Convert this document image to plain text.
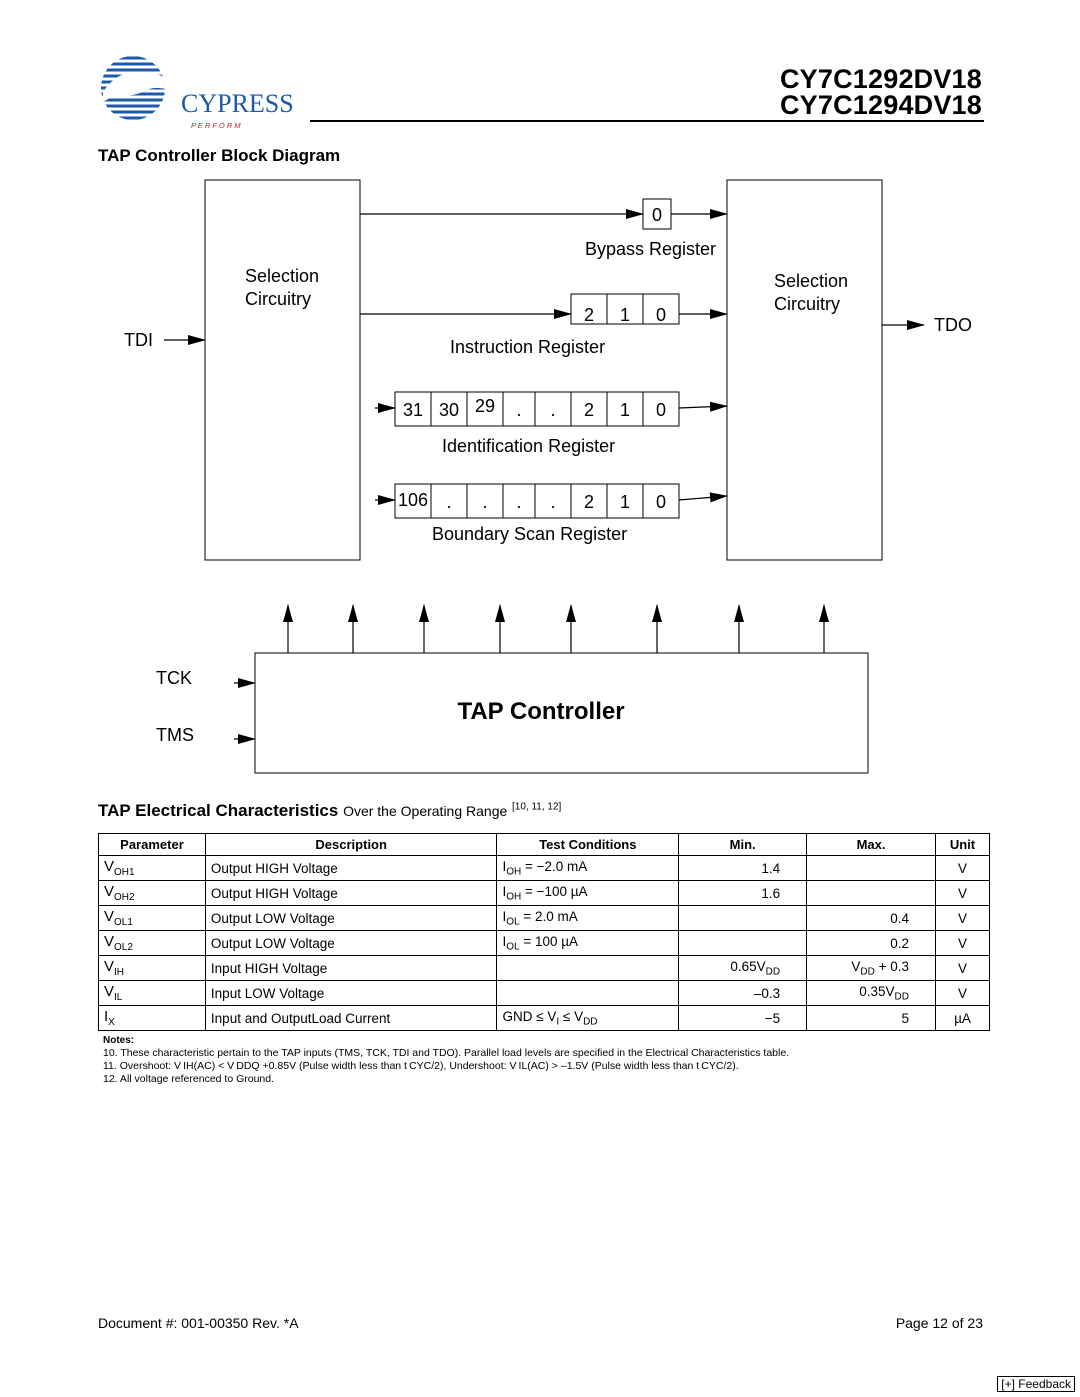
CYPRESS
P E R F O R M
CY7C1292DV18
CY7C1294DV18
TAP Controller Block Diagram
Selection
Circuitry
Selection
Circuitry
TDI
TDO
TCK
TMS
Bypass Register
Instruction Register
Identification Register
Boundary Scan Register
0
2 1 0
31 30 29 . . 2 1 0
106 . . . . 2 1 0
TAP Controller
TAP Electrical Characteristics Over the Operating Range [10, 11, 12]
Parameter	Description	Test Conditions	Min.	Max.	Unit
$V_{OH1}$	Output HIGH Voltage	$I_{OH} = -2.0$ mA	1.4		V
$V_{OH2}$	Output HIGH Voltage	$I_{OH} = -100$ µA	1.6		V
$V_{OL1}$	Output LOW Voltage	$I_{OL} = 2.0$ mA		0.4	V
$V_{OL2}$	Output LOW Voltage	$I_{OL} = 100$ µA		0.2	V
$V_{IH}$	Input HIGH Voltage		$0.65V_{DD}$	$V_{DD} + 0.3$	V
$V_{IL}$	Input LOW Voltage		–0.3	$0.35V_{DD}$	V
$I_X$	Input and OutputLoad Current	GND ≤ $V_I \le V_{DD}$	−5	5	µA
Notes:
10. These characteristic pertain to the TAP inputs (TMS, TCK, TDI and TDO). Parallel load levels are specified in the Electrical Characteristics table.
11. Overshoot: V IH(AC) < V DDQ +0.85V (Pulse width less than t CYC/2), Undershoot: V IL(AC) > –1.5V (Pulse width less than t CYC/2).
12. All voltage referenced to Ground.
Document #: 001-00350 Rev. *A	Page 12 of 23
[+] Feedback
